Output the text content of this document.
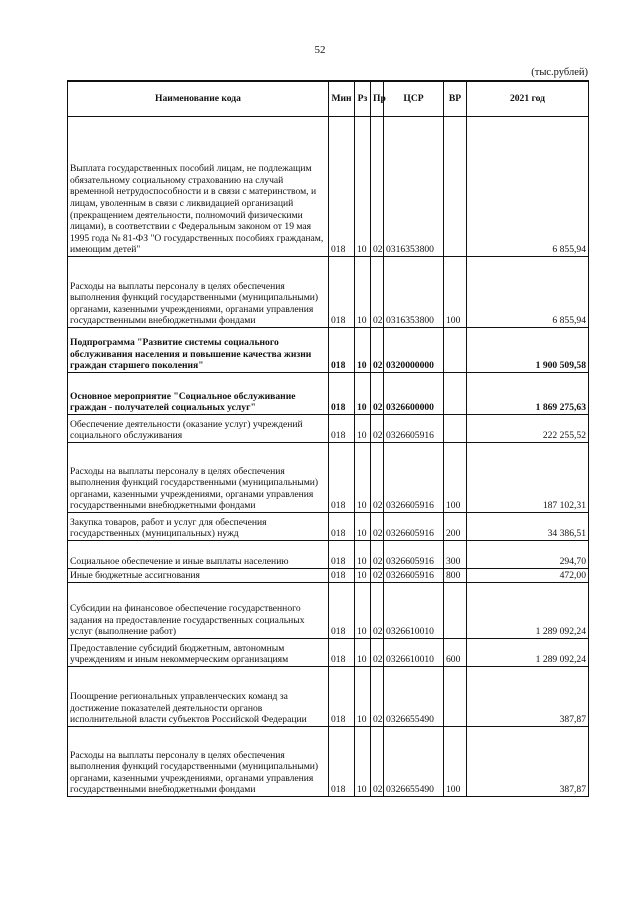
52
(тыс.рублей)
Наименование кода	Мин	Рз	Пр	ЦСР	ВР	2021 год
Выплата государственных пособий лицам, не подлежащим обязательному социальному страхованию на случай временной нетрудоспособности и в связи с материнством, и лицам, уволенным в связи с ликвидацией организаций (прекращением деятельности, полномочий физическими лицами), в соответствии с Федеральным законом от 19 мая 1995 года № 81-ФЗ "О государственных пособиях гражданам, имеющим детей"	018	10	02	0316353800		6 855,94
Расходы на выплаты персоналу в целях обеспечения выполнения функций государственными (муниципальными) органами, казенными учреждениями, органами управления государственными внебюджетными фондами	018	10	02	0316353800	100	6 855,94
Подпрограмма "Развитие системы социального обслуживания населения и повышение качества жизни граждан старшего поколения"	018	10	02	0320000000		1 900 509,58
Основное мероприятие "Социальное обслуживание граждан - получателей социальных услуг"	018	10	02	0326600000		1 869 275,63
Обеспечение деятельности (оказание услуг) учреждений социального обслуживания	018	10	02	0326605916		222 255,52
Расходы на выплаты персоналу в целях обеспечения выполнения функций государственными (муниципальными) органами, казенными учреждениями, органами управления государственными внебюджетными фондами	018	10	02	0326605916	100	187 102,31
Закупка товаров, работ и услуг для обеспечения государственных (муниципальных) нужд	018	10	02	0326605916	200	34 386,51
Социальное обеспечение и иные выплаты населению	018	10	02	0326605916	300	294,70
Иные бюджетные ассигнования	018	10	02	0326605916	800	472,00
Субсидии на финансовое обеспечение государственного задания на предоставление государственных социальных услуг (выполнение работ)	018	10	02	0326610010		1 289 092,24
Предоставление субсидий бюджетным, автономным учреждениям и иным некоммерческим организациям	018	10	02	0326610010	600	1 289 092,24
Поощрение региональных управленческих команд за достижение показателей деятельности органов исполнительной власти субъектов Российской Федерации	018	10	02	0326655490		387,87
Расходы на выплаты персоналу в целях обеспечения выполнения функций государственными (муниципальными) органами, казенными учреждениями, органами управления государственными внебюджетными фондами	018	10	02	0326655490	100	387,87
